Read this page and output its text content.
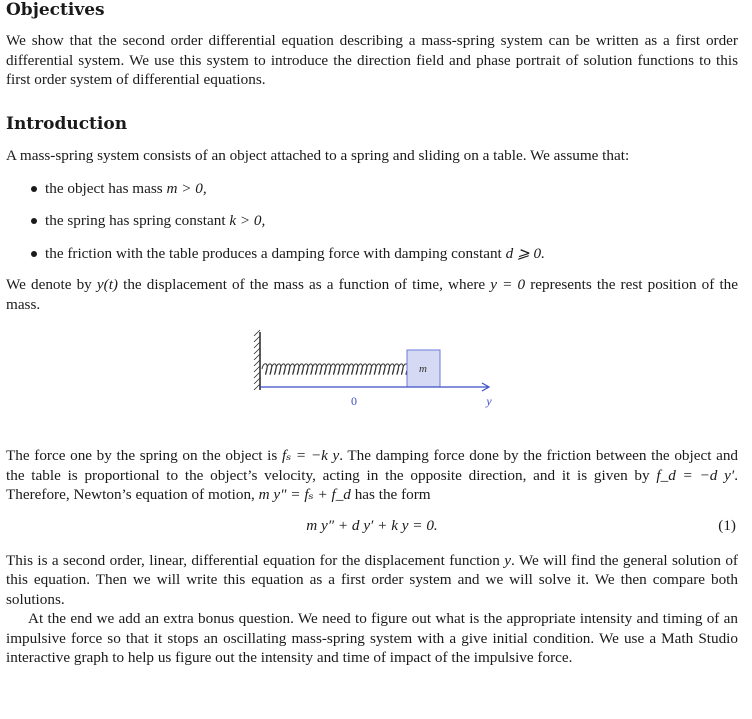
Objectives

We show that the second order differential equation describing a mass-spring system can be written as a first order differential system. We use this system to introduce the direction field and phase portrait of solution functions to this first order system of differential equations.

Introduction

A mass-spring system consists of an object attached to a spring and sliding on a table. We assume that:

the object has mass m > 0,
the spring has spring constant k > 0,
the friction with the table produces a damping force with damping constant d ⩾ 0.

We denote by y(t) the displacement of the mass as a function of time, where y = 0 represents the rest position of the mass.

m
0	y

The force one by the spring on the object is fₛ = −k y. The damping force done by the friction between the object and the table is proportional to the object’s velocity, acting in the opposite direction, and it is given by f_d = −d y′. Therefore, Newton’s equation of motion, m y″ = fₛ + f_d has the form

m y″ + d y′ + k y = 0.	(1)

This is a second order, linear, differential equation for the displacement function y. We will find the general solution of this equation. Then we will write this equation as a first order system and we will solve it. We then compare both solutions.

At the end we add an extra bonus question. We need to figure out what is the appropriate intensity and timing of an impulsive force so that it stops an oscillating mass-spring system with a give initial condition. We use a Math Studio interactive graph to help us figure out the intensity and time of impact of the impulsive force.
